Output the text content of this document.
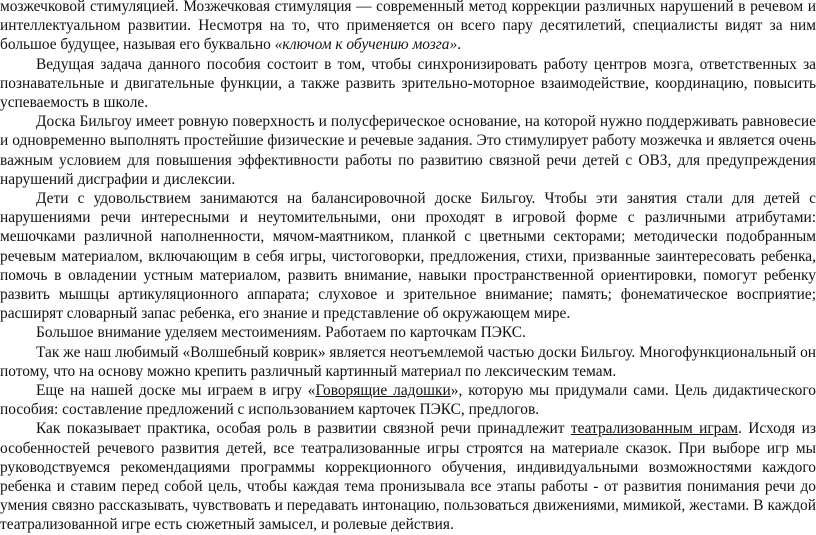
мозжечковой стимуляцией. Мозжечковая стимуляция — современный метод коррекции различных нарушений в речевом и интеллектуальном развитии. Несмотря на то, что применяется он всего пару десятилетий, специалисты видят за ним большое будущее, называя его буквально «ключом к обучению мозга».

Ведущая задача данного пособия состоит в том, чтобы синхронизировать работу центров мозга, ответственных за познавательные и двигательные функции, а также развить зрительно-моторное взаимодействие, координацию, повысить успеваемость в школе.

Доска Бильгоу имеет ровную поверхность и полусферическое основание, на которой нужно поддерживать равновесие и одновременно выполнять простейшие физические и речевые задания. Это стимулирует работу мозжечка и является очень важным условием для повышения эффективности работы по развитию связной речи детей с ОВЗ, для предупреждения нарушений дисграфии и дислексии.

Дети с удовольствием занимаются на балансировочной доске Бильгоу. Чтобы эти занятия стали для детей с нарушениями речи интересными и неутомительными, они проходят в игровой форме с различными атрибутами: мешочками различной наполненности, мячом-маятником, планкой с цветными секторами; методически подобранным речевым материалом, включающим в себя игры, чистоговорки, предложения, стихи, призванные заинтересовать ребенка, помочь в овладении устным материалом, развить внимание, навыки пространственной ориентировки, помогут ребенку развить мышцы артикуляционного аппарата; слуховое и зрительное внимание; память; фонематическое восприятие; расширят словарный запас ребенка, его знание и представление об окружающем мире.

Большое внимание уделяем местоимениям. Работаем по карточкам ПЭКС.

Так же наш любимый «Волшебный коврик» является неотъемлемой частью доски Бильгоу. Многофункциональный он потому, что на основу можно крепить различный картинный материал по лексическим темам.

Еще на нашей доске мы играем в игру «Говорящие ладошки», которую мы придумали сами. Цель дидактического пособия: составление предложений с использованием карточек ПЭКС, предлогов.

Как показывает практика, особая роль в развитии связной речи принадлежит театрализованным играм. Исходя из особенностей речевого развития детей, все театрализованные игры строятся на материале сказок. При выборе игр мы руководствуемся рекомендациями программы коррекционного обучения, индивидуальными возможностями каждого ребенка и ставим перед собой цель, чтобы каждая тема пронизывала все этапы работы - от развития понимания речи до умения связно рассказывать, чувствовать и передавать интонацию, пользоваться движениями, мимикой, жестами. В каждой театрализованной игре есть сюжетный замысел, и ролевые действия.
